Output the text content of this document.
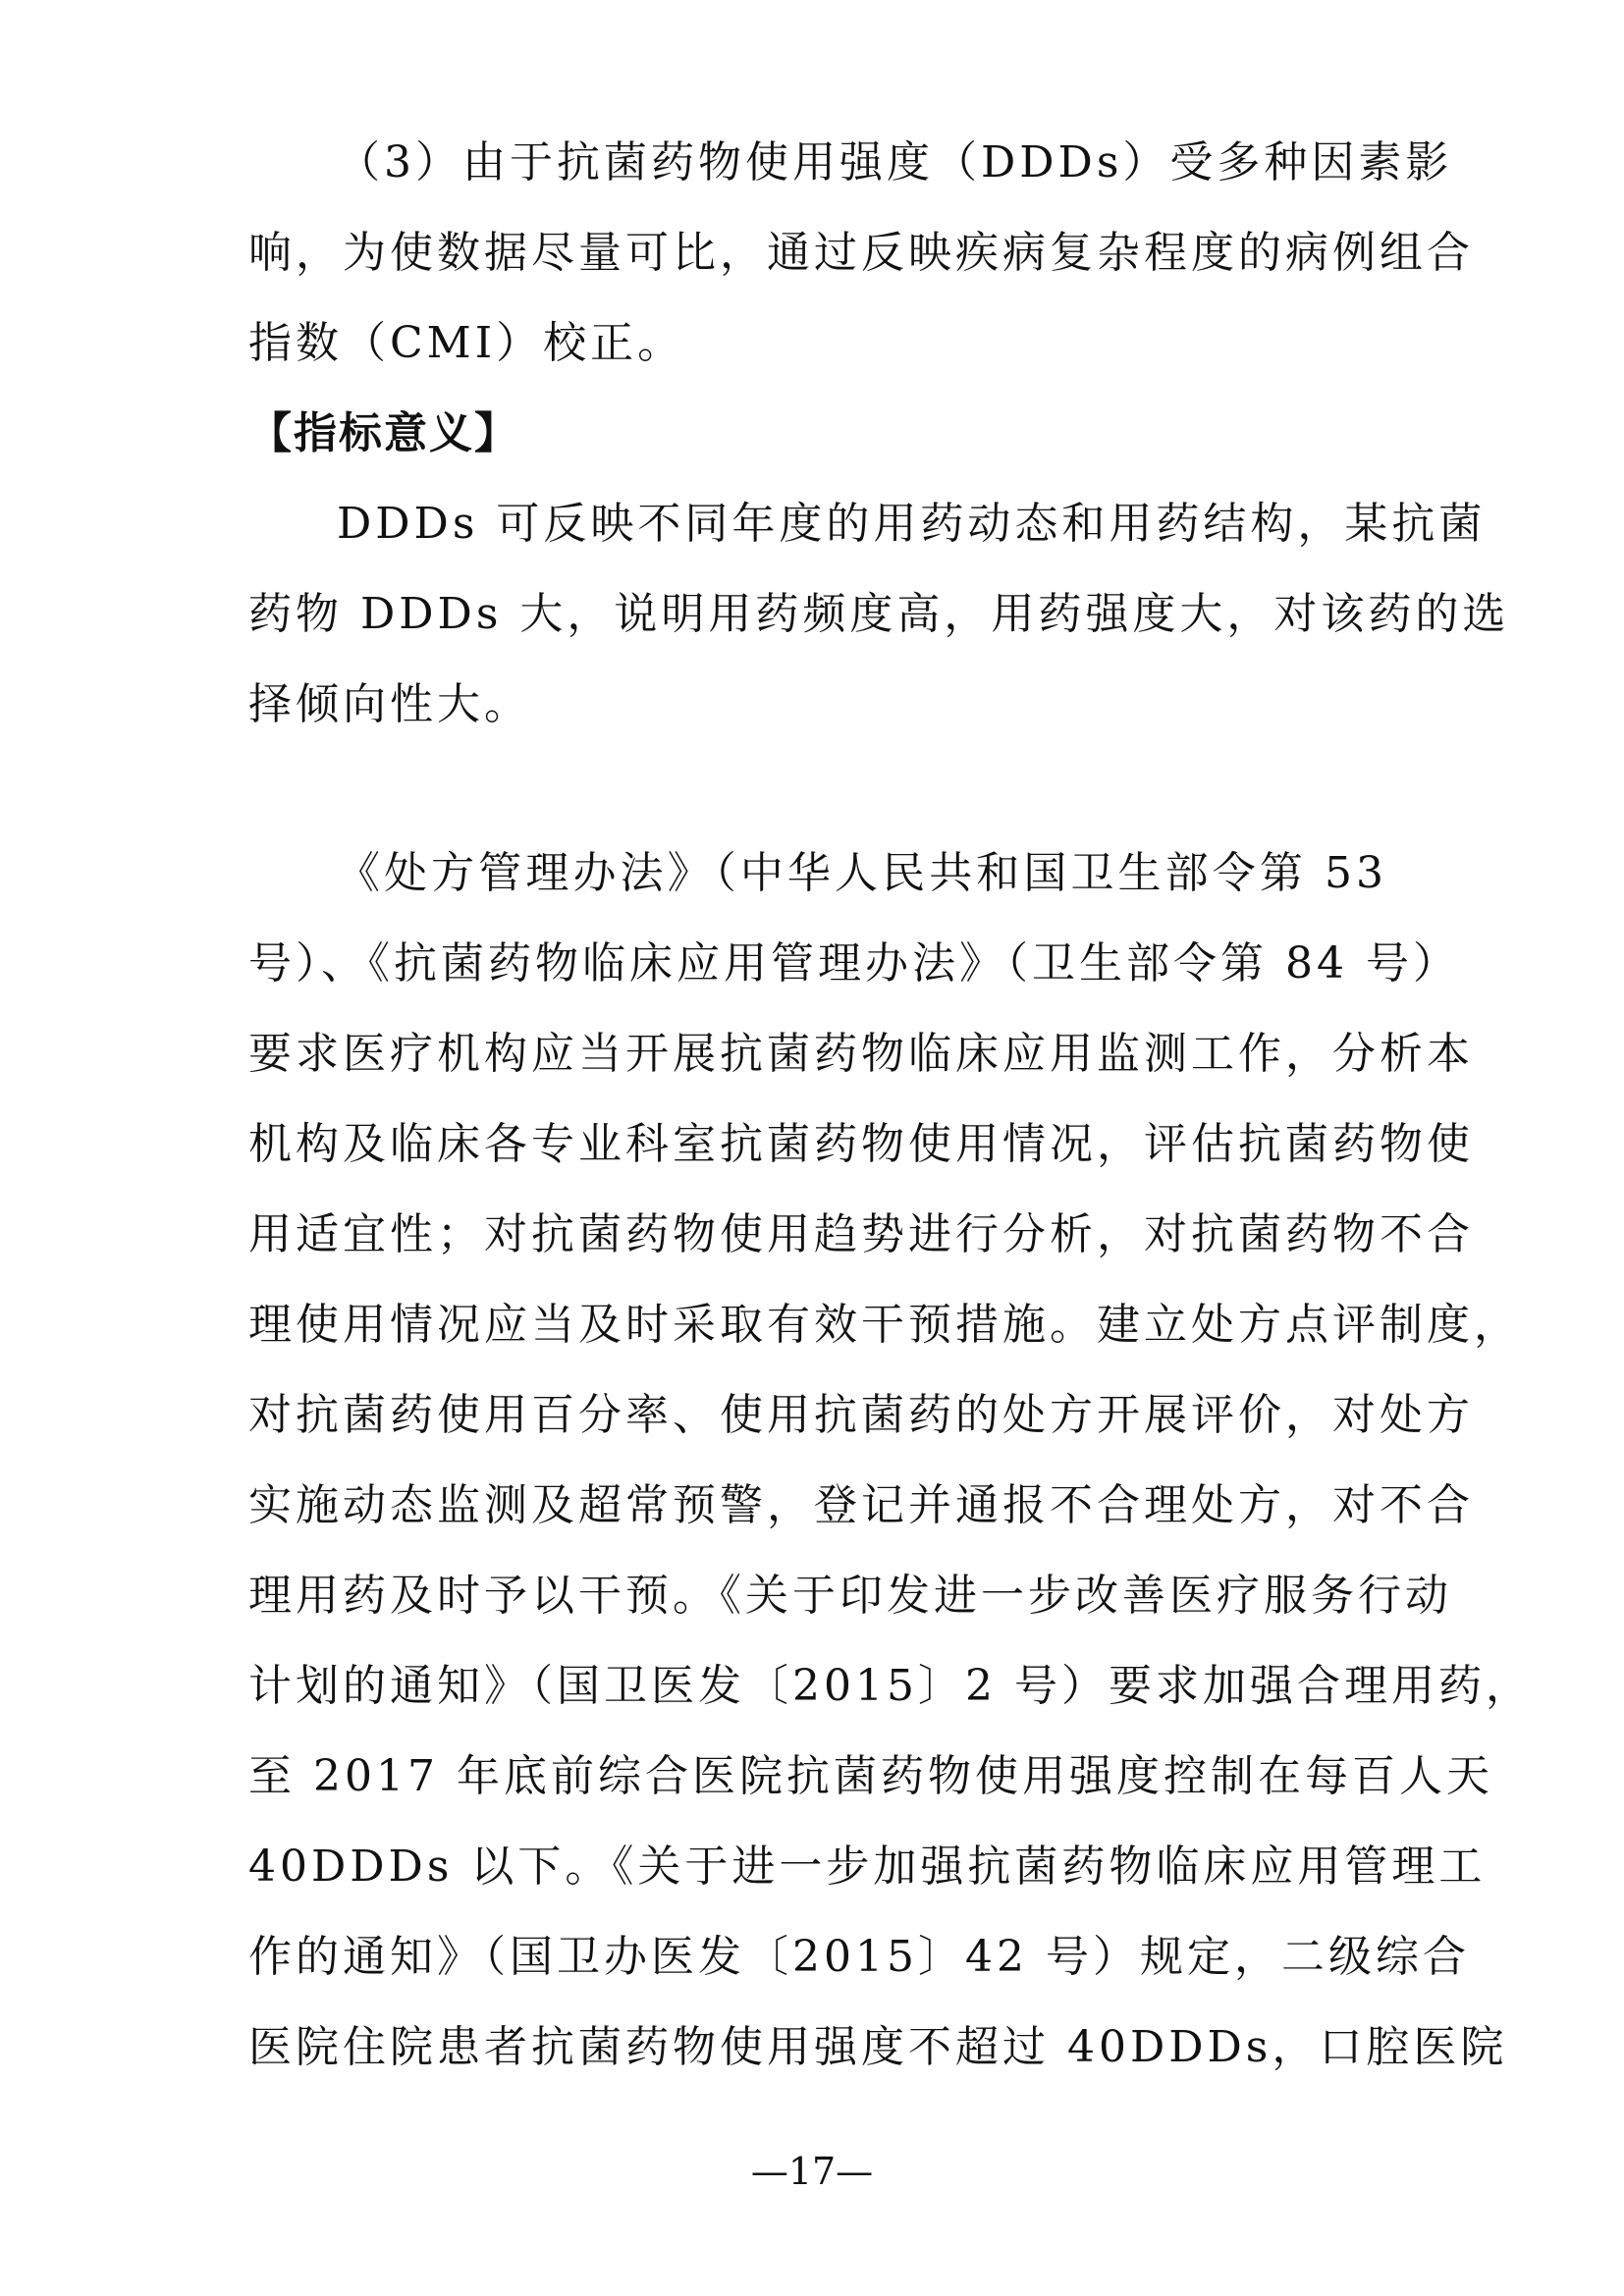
（3）由于抗菌药物使用强度（DDDs）受多种因素影
响，为使数据尽量可比，通过反映疾病复杂程度的病例组合
指数（CMI）校正。
【指标意义】
DDDs 可反映不同年度的用药动态和用药结构，某抗菌
药物 DDDs 大，说明用药频度高，用药强度大，对该药的选
择倾向性大。
《处方管理办法》（中华人民共和国卫生部令第 53
号）、《抗菌药物临床应用管理办法》（卫生部令第 84 号）
要求医疗机构应当开展抗菌药物临床应用监测工作，分析本
机构及临床各专业科室抗菌药物使用情况，评估抗菌药物使
用适宜性；对抗菌药物使用趋势进行分析，对抗菌药物不合
理使用情况应当及时采取有效干预措施。建立处方点评制度，
对抗菌药使用百分率、使用抗菌药的处方开展评价，对处方
实施动态监测及超常预警，登记并通报不合理处方，对不合
理用药及时予以干预。《关于印发进一步改善医疗服务行动
计划的通知》（国卫医发〔2015〕2 号）要求加强合理用药，
至 2017 年底前综合医院抗菌药物使用强度控制在每百人天
40DDDs 以下。《关于进一步加强抗菌药物临床应用管理工
作的通知》（国卫办医发〔2015〕42 号）规定，二级综合
医院住院患者抗菌药物使用强度不超过 40DDDs，口腔医院
—17—
